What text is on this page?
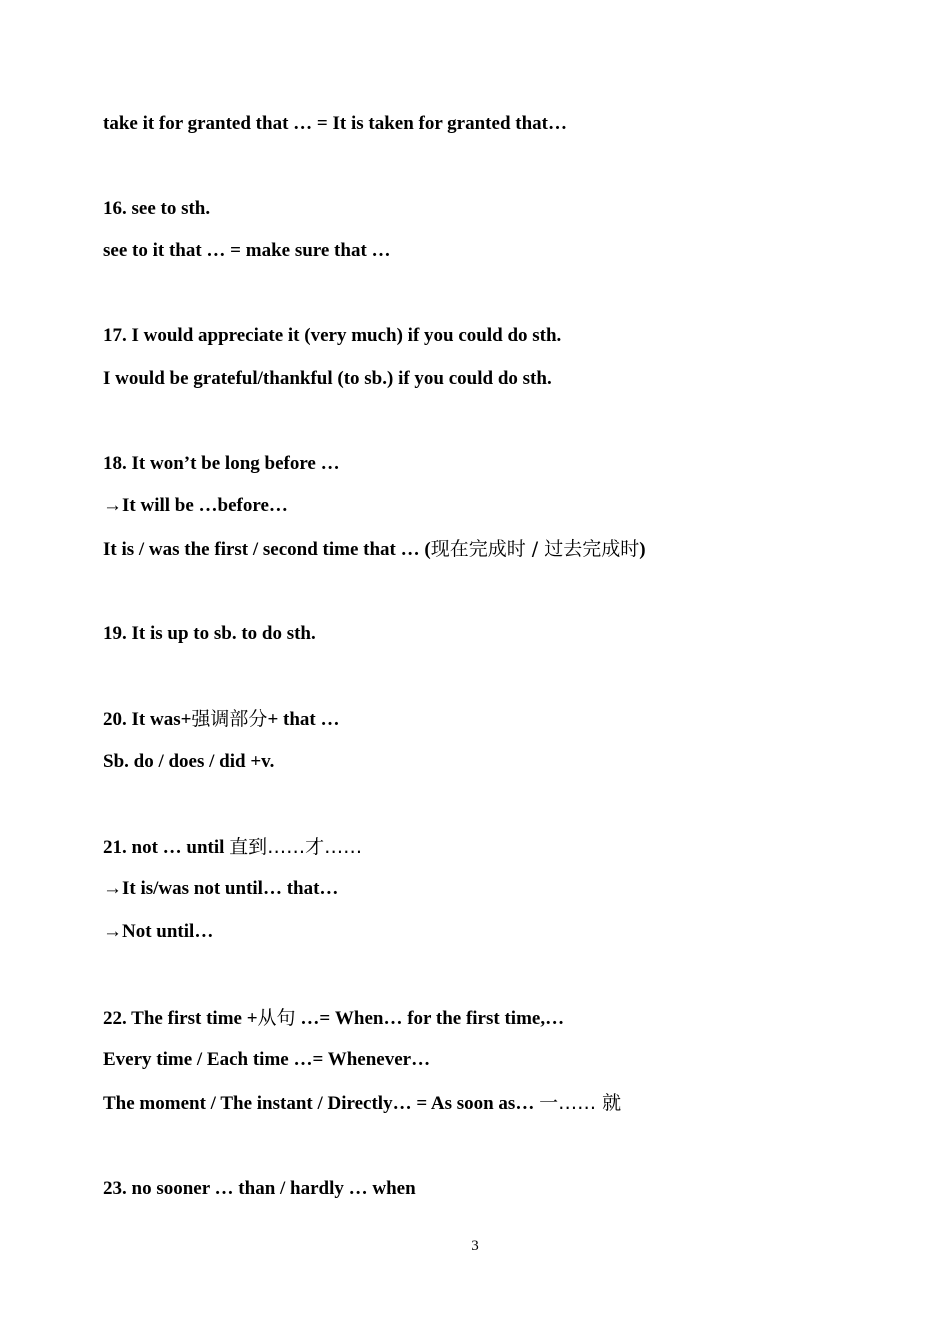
take it for granted that … = It is taken for granted that…
16. see to sth.
see to it that … = make sure that …
17. I would appreciate it (very much) if you could do sth.
I would be grateful/thankful (to sb.) if you could do sth.
18. It won’t be long before …
→It will be …before…
It is / was the first / second time that … (现在完成时 / 过去完成时)
19. It is up to sb. to do sth.
20. It was+强调部分+ that …
Sb. do / does / did +v.
21. not … until 直到……才……
→It is/was not until… that…
→Not until…
22. The first time +从句 …= When… for the first time,…
Every time / Each time …= Whenever…
The moment / The instant / Directly… = As soon as… 一…… 就
23. no sooner … than / hardly … when
3
